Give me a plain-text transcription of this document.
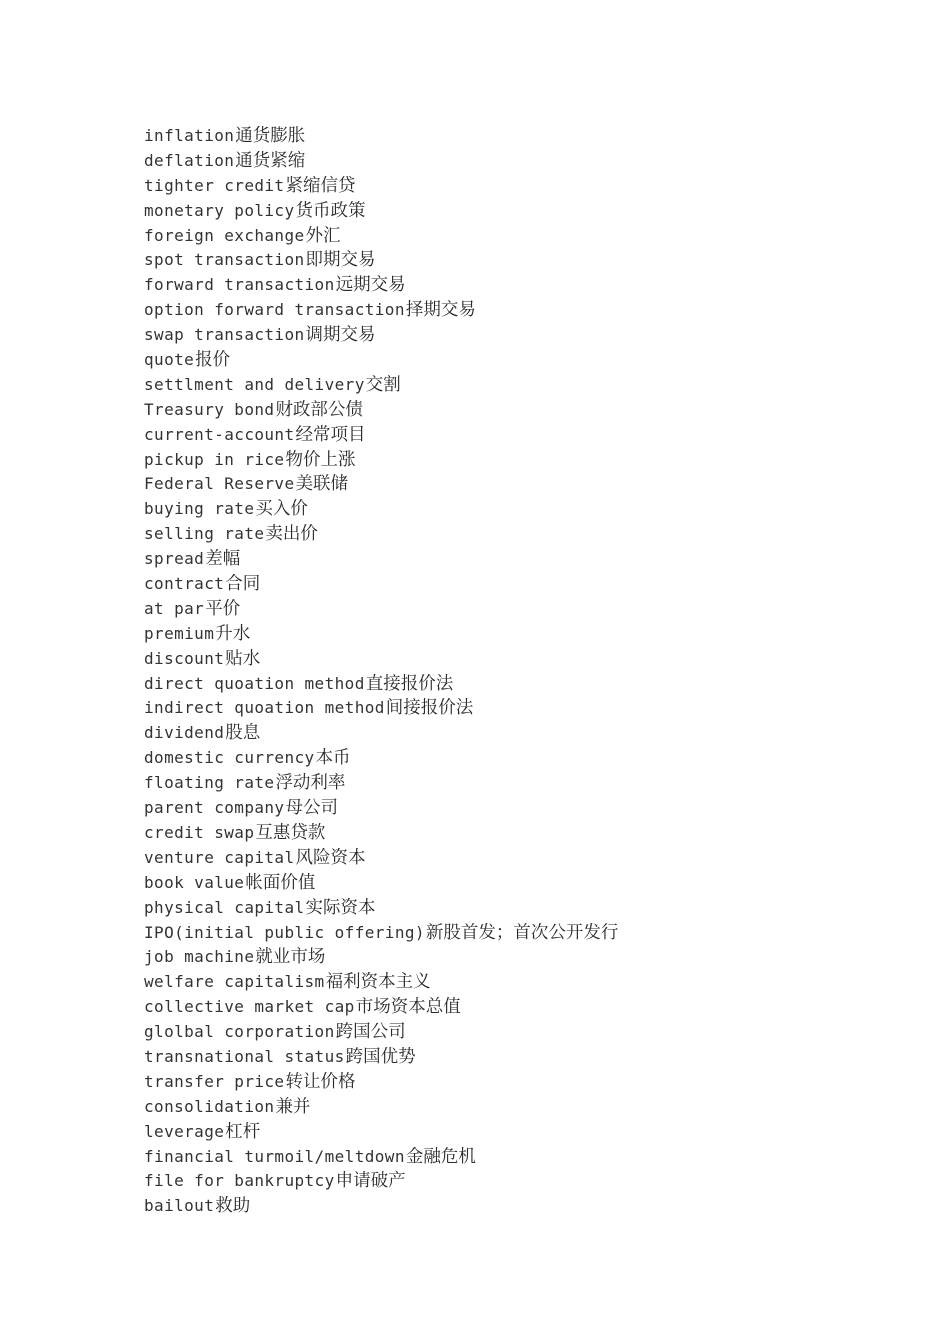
inflation通货膨胀
deflation通货紧缩
tighter credit紧缩信贷
monetary policy货币政策
foreign exchange外汇
spot transaction即期交易
forward transaction远期交易
option forward transaction择期交易
swap transaction调期交易
quote报价
settlment and delivery交割
Treasury bond财政部公债
current-account经常项目
pickup in rice物价上涨
Federal Reserve美联储
buying rate买入价
selling rate卖出价
spread差幅
contract合同
at par平价
premium升水
discount贴水
direct quoation method直接报价法
indirect quoation method间接报价法
dividend股息
domestic currency本币
floating rate浮动利率
parent company母公司
credit swap互惠贷款
venture capital风险资本
book value帐面价值
physical capital实际资本
IPO(initial public offering)新股首发；首次公开发行
job machine就业市场
welfare capitalism福利资本主义
collective market cap市场资本总值
glolbal corporation跨国公司
transnational status跨国优势
transfer price转让价格
consolidation兼并
leverage杠杆
financial turmoil/meltdown金融危机
file for bankruptcy申请破产
bailout救助
